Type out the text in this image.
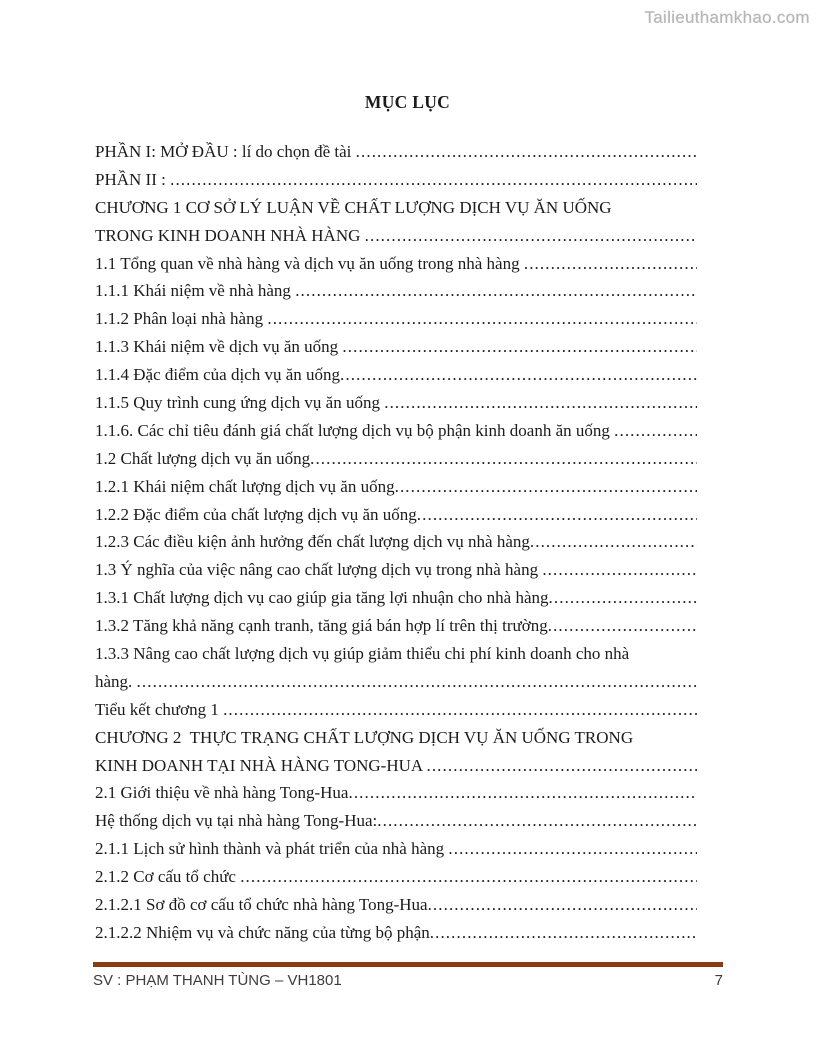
Tailieuthamkhao.com
MỤC LỤC
PHẦN I: MỞ ĐẦU : lí do chọn đề tài
.....
PHẦN II :
.....
CHƯƠNG 1 CƠ SỞ LÝ LUẬN VỀ CHẤT LƯỢNG DỊCH VỤ ĂN UỐNG
TRONG KINH DOANH NHÀ HÀNG
.....
1.1 Tổng quan về nhà hàng và dịch vụ ăn uống trong nhà hàng
.....
1.1.1 Khái niệm về nhà hàng
.....
1.1.2 Phân loại nhà hàng
.....
1.1.3 Khái niệm về dịch vụ ăn uống
.....
1.1.4 Đặc điểm của dịch vụ ăn uống
.....
1.1.5 Quy trình cung ứng dịch vụ ăn uống
.....
1.1.6. Các chỉ tiêu đánh giá chất lượng dịch vụ bộ phận kinh doanh ăn uống
.....
1.2 Chất lượng dịch vụ ăn uống
.....
1.2.1 Khái niệm chất lượng dịch vụ ăn uống
.....
1.2.2 Đặc điểm của chất lượng dịch vụ ăn uống
.....
1.2.3 Các điều kiện ảnh hưởng đến chất lượng dịch vụ nhà hàng
.....
1.3 Ý nghĩa của việc nâng cao chất lượng dịch vụ trong nhà hàng
.....
1.3.1 Chất lượng dịch vụ cao giúp gia tăng lợi nhuận cho nhà hàng
.....
1.3.2 Tăng khả năng cạnh tranh, tăng giá bán hợp lí trên thị trường
.....
1.3.3 Nâng cao chất lượng dịch vụ giúp giảm thiểu chi phí kinh doanh cho nhà
hàng.
.....
Tiểu kết chương 1
.....
CHƯƠNG 2  THỰC TRẠNG CHẤT LƯỢNG DỊCH VỤ ĂN UỐNG TRONG
KINH DOANH TẠI NHÀ HÀNG TONG-HUA
.....
2.1 Giới thiệu về nhà hàng Tong-Hua
.....
Hệ thống dịch vụ tại nhà hàng Tong-Hua:
.....
2.1.1 Lịch sử hình thành và phát triển của nhà hàng
.....
2.1.2 Cơ cấu tổ chức
.....
2.1.2.1 Sơ đồ cơ cấu tổ chức nhà hàng Tong-Hua
.....
2.1.2.2 Nhiệm vụ và chức năng của từng bộ phận
.....
SV : PHẠM THANH TÙNG – VH1801	7
